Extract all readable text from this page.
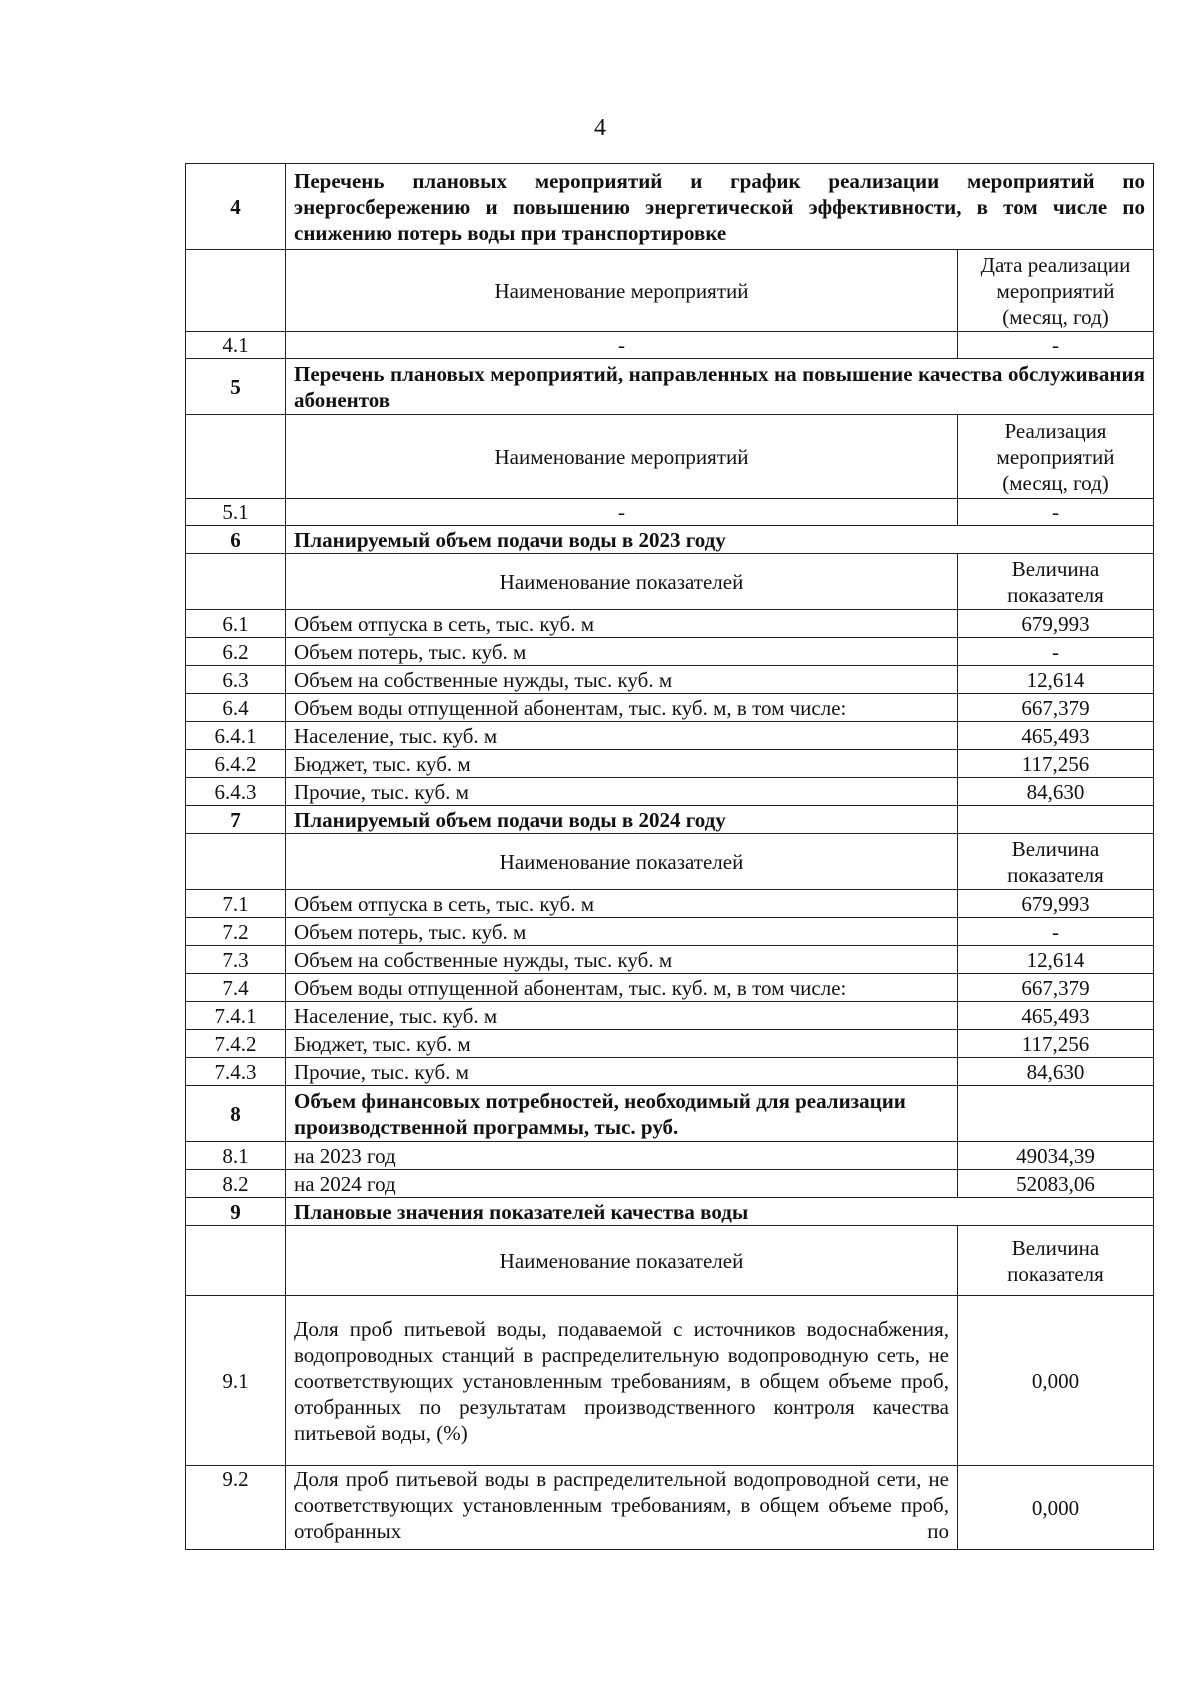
4
4	Перечень плановых мероприятий и график реализации мероприятий по энергосбережению и повышению энергетической эффективности, в том числе по снижению потерь воды при транспортировке	
	Наименование мероприятий	Дата реализации мероприятий (месяц, год)
4.1	-	-
5	Перечень плановых мероприятий, направленных на повышение качества обслуживания абонентов	
	Наименование мероприятий	Реализация мероприятий (месяц, год)
5.1	-	-
6	Планируемый объем подачи воды в 2023 году	
	Наименование показателей	Величина показателя
6.1	Объем отпуска в сеть, тыс. куб. м	679,993
6.2	Объем потерь, тыс. куб. м	-
6.3	Объем на собственные нужды, тыс. куб. м	12,614
6.4	Объем воды отпущенной абонентам, тыс. куб. м, в том числе:	667,379
6.4.1	Население, тыс. куб. м	465,493
6.4.2	Бюджет, тыс. куб. м	117,256
6.4.3	Прочие, тыс. куб. м	84,630
7	Планируемый объем подачи воды в 2024 году	
	Наименование показателей	Величина показателя
7.1	Объем отпуска в сеть, тыс. куб. м	679,993
7.2	Объем потерь, тыс. куб. м	-
7.3	Объем на собственные нужды, тыс. куб. м	12,614
7.4	Объем воды отпущенной абонентам, тыс. куб. м, в том числе:	667,379
7.4.1	Население, тыс. куб. м	465,493
7.4.2	Бюджет, тыс. куб. м	117,256
7.4.3	Прочие, тыс. куб. м	84,630
8	Объем финансовых потребностей, необходимый для реализации производственной программы, тыс. руб.	
8.1	на 2023 год	49034,39
8.2	на 2024 год	52083,06
9	Плановые значения показателей качества воды	
	Наименование показателей	Величина показателя
9.1	Доля проб питьевой воды, подаваемой с источников водоснабжения, водопроводных станций в распределительную водопроводную сеть, не соответствующих установленным требованиям, в общем объеме проб, отобранных по результатам производственного контроля качества питьевой воды, (%)	0,000
9.2	Доля проб питьевой воды в распределительной водопроводной сети, не соответствующих установленным требованиям, в общем объеме проб, отобранных по	0,000
